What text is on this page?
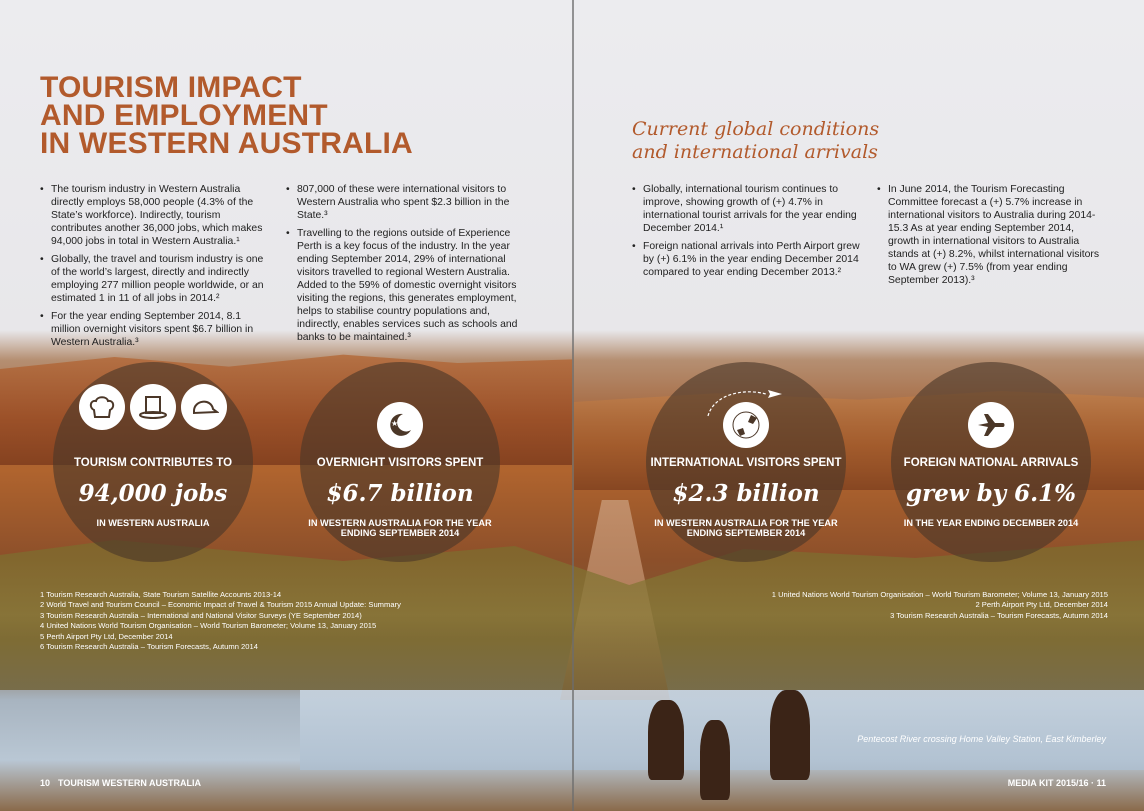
TOURISM IMPACT
AND EMPLOYMENT
IN WESTERN AUSTRALIA
• The tourism industry in Western Australia directly employs 58,000 people (4.3% of the State’s workforce). Indirectly, tourism contributes another 36,000 jobs, which makes 94,000 jobs in total in Western Australia.¹
• Globally, the travel and tourism industry is one of the world’s largest, directly and indirectly employing 277 million people worldwide, or an estimated 1 in 11 of all jobs in 2014.²
• For the year ending September 2014, 8.1 million overnight visitors spent $6.7 billion in Western Australia.³
• 807,000 of these were international visitors to Western Australia who spent $2.3 billion in the State.³
• Travelling to the regions outside of Experience Perth is a key focus of the industry. In the year ending September 2014, 29% of international visitors travelled to regional Western Australia. Added to the 59% of domestic overnight visitors visiting the regions, this generates employment, helps to stabilise country populations and, indirectly, enables services such as schools and banks to be maintained.³
TOURISM CONTRIBUTES TO
94,000 jobs
IN WESTERN AUSTRALIA
★
OVERNIGHT VISITORS SPENT
$6.7 billion
IN WESTERN AUSTRALIA FOR THE YEAR ENDING SEPTEMBER 2014
1 Tourism Research Australia, State Tourism Satellite Accounts 2013-14
2 World Travel and Tourism Council – Economic Impact of Travel & Tourism 2015 Annual Update: Summary
3 Tourism Research Australia – International and National Visitor Surveys (YE September 2014)
4 United Nations World Tourism Organisation – World Tourism Barometer; Volume 13, January 2015
5 Perth Airport Pty Ltd, December 2014
6 Tourism Research Australia – Tourism Forecasts, Autumn 2014
10 TOURISM WESTERN AUSTRALIA
Current global conditions
and international arrivals
• Globally, international tourism continues to improve, showing growth of (+) 4.7% in international tourist arrivals for the year ending December 2014.¹
• Foreign national arrivals into Perth Airport grew by (+) 6.1% in the year ending December 2014 compared to year ending December 2013.²
• In June 2014, the Tourism Forecasting Committee forecast a (+) 5.7% increase in international visitors to Australia during 2014-15.3 As at year ending September 2014, growth in international visitors to Australia stands at (+) 8.2%, whilst international visitors to WA grew (+) 7.5% (from year ending September 2013).³
INTERNATIONAL VISITORS SPENT
$2.3 billion
IN WESTERN AUSTRALIA FOR THE YEAR ENDING SEPTEMBER 2014
FOREIGN NATIONAL ARRIVALS
grew by 6.1%
IN THE YEAR ENDING DECEMBER 2014
1 United Nations World Tourism Organisation – World Tourism Barometer; Volume 13, January 2015
2 Perth Airport Pty Ltd, December 2014
3 Tourism Research Australia – Tourism Forecasts, Autumn 2014
Pentecost River crossing Home Valley Station, East Kimberley
MEDIA KIT 2015/16 · 11
